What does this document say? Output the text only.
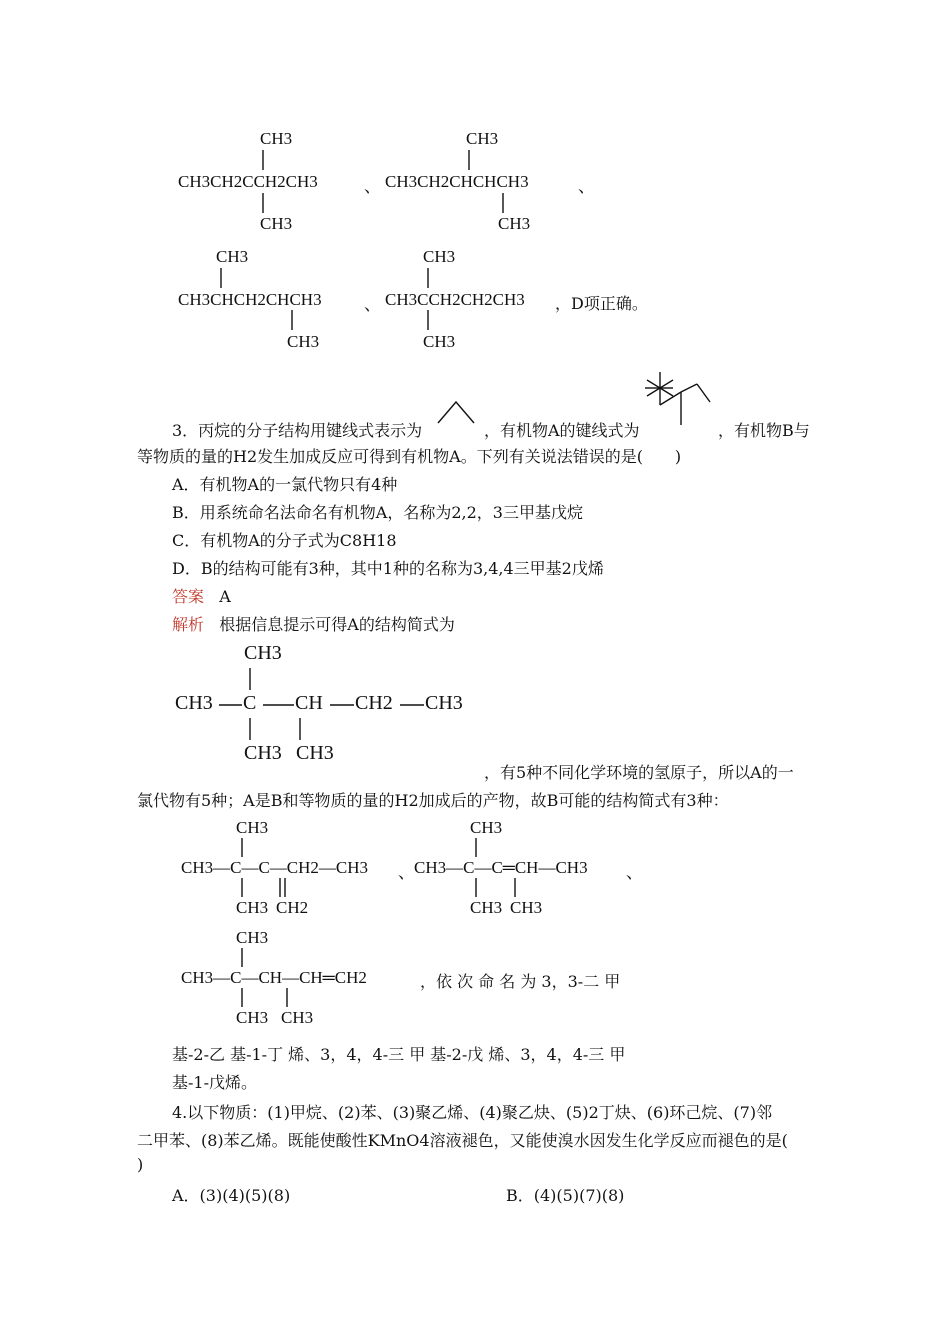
CH3
CH3CH2CCH2CH3
CH3
、
CH3
CH3CH2CHCHCH3
CH3
、
CH3
CH3CHCH2CHCH3
CH3
、
CH3
CH3CCH2CH2CH3
CH3
，D项正确。
3．丙烷的分子结构用键线式表示为	，有机物A的键线式为	，有机物B与
等物质的量的H2发生加成反应可得到有机物A。下列有关说法错误的是(　　)
A．有机物A的一氯代物只有4种
B．用系统命名法命名有机物A，名称为2,2，3三甲基戊烷
C．有机物A的分子式为C8H18
D．B的结构可能有3种，其中1种的名称为3,4,4三甲基2戊烯
答案 A
解析 根据信息提示可得A的结构简式为
CH3
CH3 C CH CH2 CH3
CH3 CH3
，有5种不同化学环境的氢原子，所以A的一
氯代物有5种；A是B和等物质的量的H2加成后的产物，故B可能的结构简式有3种：
CH3
CH3—C—C—CH2—CH3
CH3 CH2
、
CH3
CH3—C—C═CH—CH3
CH3 CH3
、
CH3
CH3—C—CH—CH═CH2
CH3 CH3
，依 次 命 名 为 3，3-二 甲
基-2-乙 基-1-丁 烯、3，4，4-三 甲 基-2-戊 烯、3，4，4-三 甲
基-1-戊烯。
4.以下物质：(1)甲烷、(2)苯、(3)聚乙烯、(4)聚乙炔、(5)2丁炔、(6)环己烷、(7)邻
二甲苯、(8)苯乙烯。既能使酸性KMnO4溶液褪色，又能使溴水因发生化学反应而褪色的是(
)
A．(3)(4)(5)(8)	B．(4)(5)(7)(8)
